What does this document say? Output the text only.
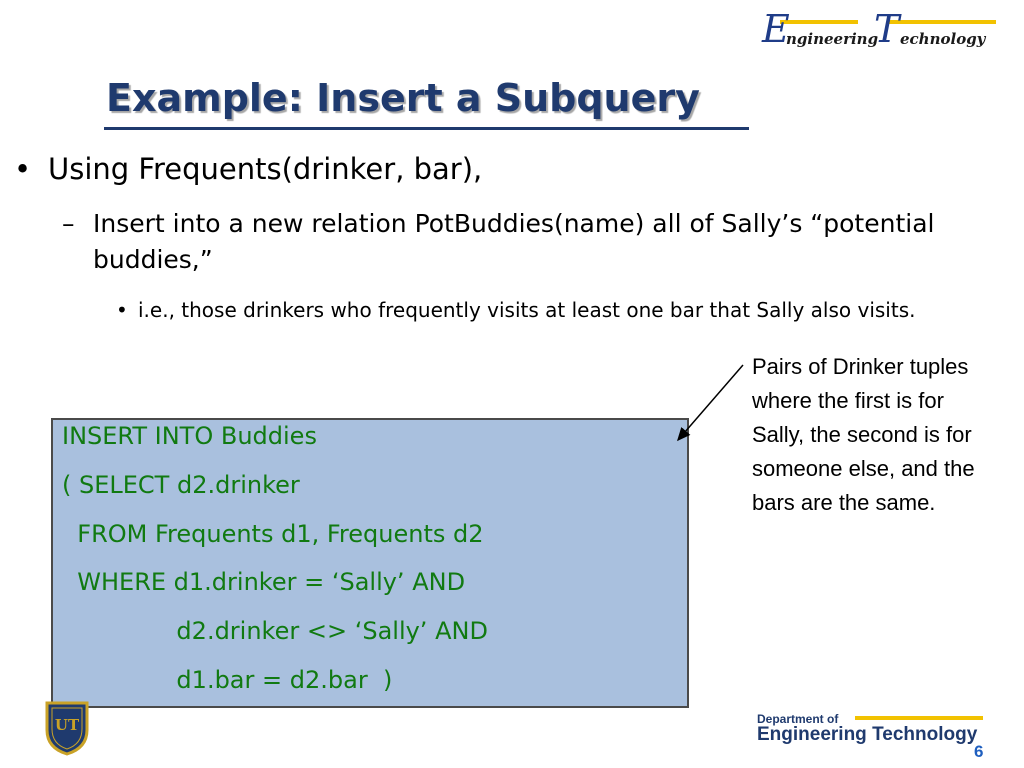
E
ngineering
T echnology
Example: Insert a Subquery
• Using Frequents(drinker, bar),
– Insert into a new relation PotBuddies(name) all of Sally’s “potential buddies,”
• i.e., those drinkers who frequently visits at least one bar that Sally also visits.
INSERT INTO Buddies
( SELECT d2.drinker
FROM Frequents d1, Frequents d2
WHERE d1.drinker = ‘Sally’ AND
d2.drinker <> ‘Sally’ AND
d1.bar = d2.bar  )
Pairs of Drinker tuples where the first is for Sally, the second is for someone else, and the bars are the same.
UT	Department of
Engineering Technology
6
